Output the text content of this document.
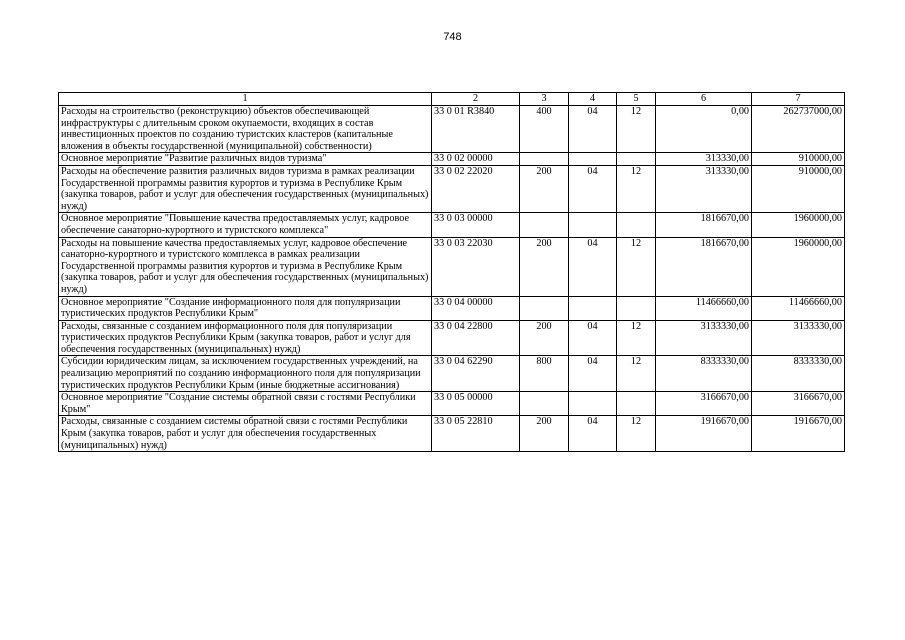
748
1	2	3	4	5	6	7
Расходы на строительство (реконструкцию) объектов обеспечивающей инфраструктуры с длительным сроком окупаемости, входящих в состав инвестиционных проектов по созданию туристских кластеров (капитальные вложения в объекты государственной (муниципальной) собственности)	33 0 01 R3840	400	04	12	0,00	262737000,00
Основное мероприятие "Развитие различных видов туризма"	33 0 02 00000				313330,00	910000,00
Расходы на обеспечение развития различных видов туризма в рамках реализации Государственной программы развития курортов и туризма в Республике Крым (закупка товаров, работ и услуг для обеспечения государственных (муниципальных) нужд)	33 0 02 22020	200	04	12	313330,00	910000,00
Основное мероприятие "Повышение качества предоставляемых услуг, кадровое обеспечение санаторно-курортного и туристского комплекса"	33 0 03 00000				1816670,00	1960000,00
Расходы на повышение качества предоставляемых услуг, кадровое обеспечение санаторно-курортного и туристского комплекса в рамках реализации Государственной программы развития курортов и туризма в Республике Крым (закупка товаров, работ и услуг для обеспечения государственных (муниципальных) нужд)	33 0 03 22030	200	04	12	1816670,00	1960000,00
Основное мероприятие "Создание информационного поля для популяризации туристических продуктов Республики Крым"	33 0 04 00000				11466660,00	11466660,00
Расходы, связанные с созданием информационного поля для популяризации туристических продуктов Республики Крым (закупка товаров, работ и услуг для обеспечения государственных (муниципальных) нужд)	33 0 04 22800	200	04	12	3133330,00	3133330,00
Субсидии юридическим лицам, за исключением государственных учреждений, на реализацию мероприятий по созданию информационного поля для популяризации туристических продуктов Республики Крым (иные бюджетные ассигнования)	33 0 04 62290	800	04	12	8333330,00	8333330,00
Основное мероприятие "Создание системы обратной связи с гостями Республики Крым"	33 0 05 00000				3166670,00	3166670,00
Расходы, связанные с созданием системы обратной связи с гостями Республики Крым (закупка товаров, работ и услуг для обеспечения государственных (муниципальных) нужд)	33 0 05 22810	200	04	12	1916670,00	1916670,00
